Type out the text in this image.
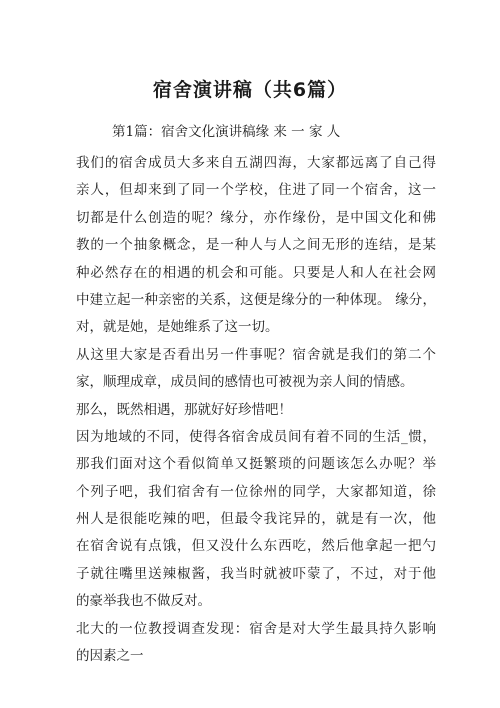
宿舍演讲稿（共6篇）
第1篇：宿舍文化演讲稿缘 来 一 家 人
我们的宿舍成员大多来自五湖四海，大家都远离了自己得
亲人，但却来到了同一个学校，住进了同一个宿舍，这一
切都是什么创造的呢？缘分，亦作缘份，是中国文化和佛
教的一个抽象概念，是一种人与人之间无形的连结，是某
种必然存在的相遇的机会和可能。只要是人和人在社会网
中建立起一种亲密的关系，这便是缘分的一种体现。 缘分，
对，就是她，是她维系了这一切。
从这里大家是否看出另一件事呢？宿舍就是我们的第二个
家，顺理成章，成员间的感情也可被视为亲人间的情感。
那么，既然相遇，那就好好珍惜吧！
因为地域的不同，使得各宿舍成员间有着不同的生活_惯，
那我们面对这个看似简单又挺繁琐的问题该怎么办呢？举
个列子吧，我们宿舍有一位徐州的同学，大家都知道，徐
州人是很能吃辣的吧，但最令我诧异的，就是有一次，他
在宿舍说有点饿，但又没什么东西吃，然后他拿起一把勺
子就往嘴里送辣椒酱，我当时就被吓蒙了，不过，对于他
的豪举我也不做反对。
北大的一位教授调查发现：宿舍是对大学生最具持久影响
的因素之一
